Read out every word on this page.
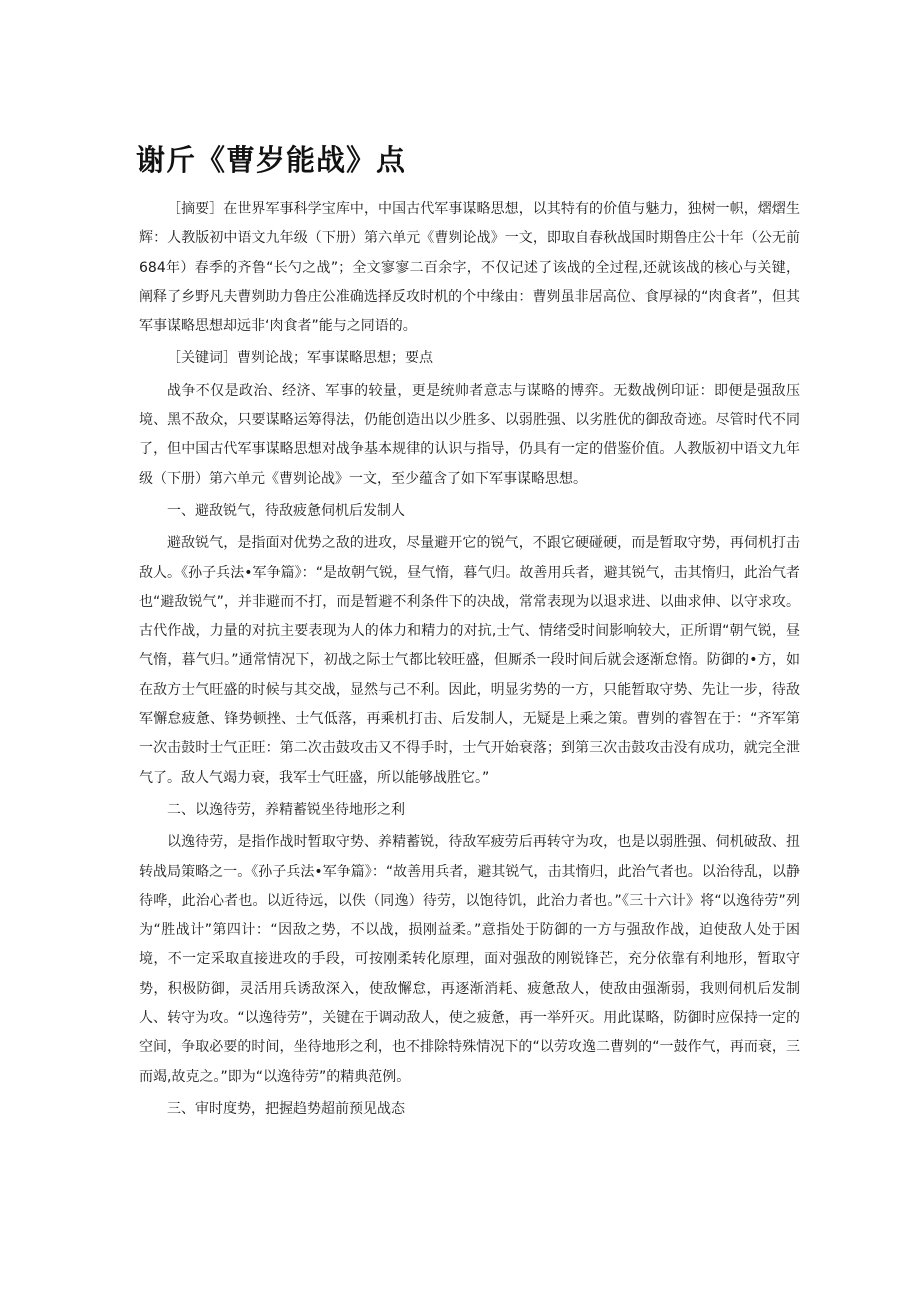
谢斤《曹岁能战》点

［摘要］在世界军事科学宝库中，中国古代军事谋略思想，以其特有的价值与魅力，独树一帜，熠熠生辉：人教版初中语文九年级（下册）第六单元《曹刿论战》一文，即取自春秋战国时期鲁庄公十年（公无前684年）春季的齐鲁“长勺之战”；全文寥寥二百余字，不仅记述了该战的全过程,还就该战的核心与关键，阐释了乡野凡夫曹刿助力鲁庄公准确选择反攻时机的个中缘由：曹刿虽非居高位、食厚禄的“肉食者”，但其军事谋略思想却远非‘肉食者”能与之同语的。

［关键词］曹刿论战；军事谋略思想；要点

战争不仅是政治、经济、军事的较量，更是统帅者意志与谋略的博弈。无数战例印证：即便是强敌压境、黑不敌众，只要谋略运筹得法，仍能创造出以少胜多、以弱胜强、以劣胜优的御敌奇迹。尽管时代不同了，但中国古代军事谋略思想对战争基本规律的认识与指导，仍具有一定的借鉴价值。人教版初中语文九年级（下册）第六单元《曹刿论战》一文，至少蕴含了如下军事谋略思想。

一、避敌锐气，待敌疲惫伺机后发制人

避敌锐气，是指面对优势之敌的进攻，尽量避开它的锐气，不跟它硬碰硬，而是暂取守势，再伺机打击敌人。《孙子兵法•军争篇》：“是故朝气锐，昼气惰，暮气归。故善用兵者，避其锐气，击其惰归，此治气者也“避敌锐气”，并非避而不打，而是暂避不利条件下的决战，常常表现为以退求进、以曲求伸、以守求攻。古代作战，力量的对抗主要表现为人的体力和精力的对抗,士气、情绪受时间影响较大，正所谓“朝气锐，昼气惰，暮气归。”通常情况下，初战之际士气都比较旺盛，但厮杀一段时间后就会逐渐怠惰。防御的•方，如在敌方士气旺盛的时候与其交战，显然与己不利。因此，明显劣势的一方，只能暂取守势、先让一步，待敌军懈怠疲惫、锋势顿挫、士气低落，再乘机打击、后发制人，无疑是上乘之策。曹刿的睿智在于：“齐军第一次击鼓时士气正旺：第二次击鼓攻击又不得手时，士气开始衰落；到第三次击鼓攻击没有成功，就完全泄气了。敌人气竭力衰，我军士气旺盛，所以能够战胜它。”

二、以逸待劳，养精蓄锐坐待地形之利

以逸待劳，是指作战时暂取守势、养精蓄锐，待敌军疲劳后再转守为攻，也是以弱胜强、伺机破敌、扭转战局策略之一。《孙子兵法•军争篇》：“故善用兵者，避其锐气，击其惰归，此治气者也。以治待乱，以静待哗，此治心者也。以近待远，以佚（同逸）待劳，以饱待饥，此治力者也。”《三十六计》将“以逸待劳”列为“胜战计”第四计：“因敌之势，不以战，损刚益柔。”意指处于防御的一方与强敌作战，迫使敌人处于困境，不一定采取直接进攻的手段，可按刚柔转化原理，面对强敌的刚锐锋芒，充分依靠有利地形，暂取守势，积极防御，灵活用兵诱敌深入，使敌懈怠，再逐渐消耗、疲惫敌人，使敌由强渐弱，我则伺机后发制人、转守为攻。“以逸待劳”，关键在于调动敌人，使之疲惫，再一举歼灭。用此谋略，防御时应保持一定的空间，争取必要的时间，坐待地形之利，也不排除特殊情况下的“以劳攻逸二曹刿的“一鼓作气，再而衰，三而竭,故克之。”即为“以逸待劳”的精典范例。

三、审时度势，把握趋势超前预见战态
